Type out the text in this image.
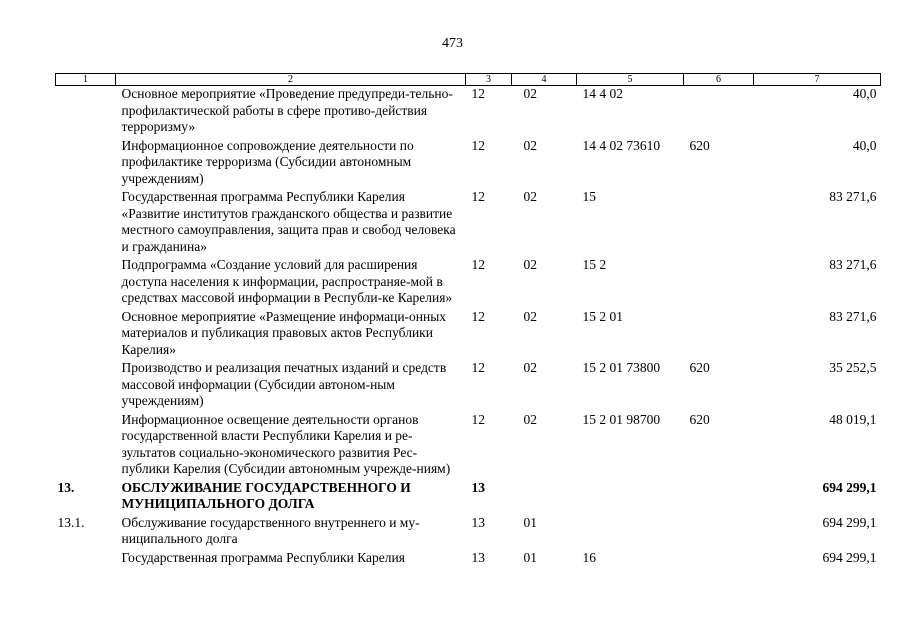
473
1	2	3	4	5	6	7
	Основное мероприятие «Проведение предупреди-тельно-профилактической работы в сфере противо-действия терроризму»	12	02	14 4 02		40,0
	Информационное сопровождение деятельности по профилактике терроризма (Субсидии автономным учреждениям)	12	02	14 4 02 73610	620	40,0
	Государственная программа Республики Карелия «Развитие институтов гражданского общества и развитие местного самоуправления, защита прав и свобод человека и гражданина»	12	02	15		83 271,6
	Подпрограмма «Создание условий для расширения доступа населения к информации, распространяе-мой в средствах массовой информации в Республи-ке Карелия»	12	02	15 2		83 271,6
	Основное мероприятие «Размещение информаци-онных материалов и публикация правовых актов Республики Карелия»	12	02	15 2 01		83 271,6
	Производство и реализация печатных изданий и средств массовой информации (Субсидии автоном-ным учреждениям)	12	02	15 2 01 73800	620	35 252,5
	Информационное освещение деятельности органов государственной власти Республики Карелия и ре-зультатов социально-экономического развития Рес-публики Карелия (Субсидии автономным учрежде-ниям)	12	02	15 2 01 98700	620	48 019,1
13.	ОБСЛУЖИВАНИЕ ГОСУДАРСТВЕННОГО И МУНИЦИПАЛЬНОГО ДОЛГА	13				694 299,1
13.1.	Обслуживание государственного внутреннего и му-ниципального долга	13	01			694 299,1
	Государственная программа Республики Карелия	13	01	16		694 299,1
